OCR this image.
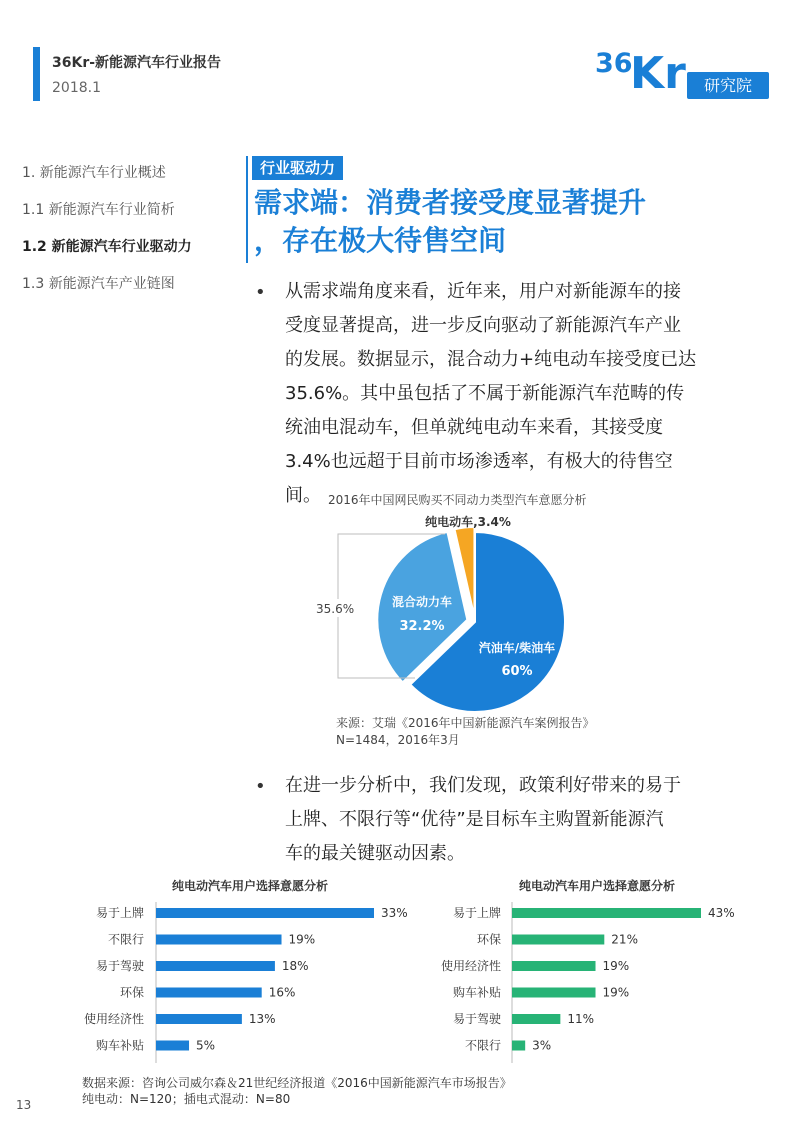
36Kr-新能源汽车行业报告
2018.1
36
Kr	研究院
1. 新能源汽车行业概述
1.1 新能源汽车行业简析
1.2 新能源汽车行业驱动力
1.3 新能源汽车产业链图
行业驱动力
需求端：消费者接受度显著提升
，存在极大待售空间
• 从需求端角度来看，近年来，用户对新能源车的接
受度显著提高，进一步反向驱动了新能源汽车产业
的发展。数据显示，混合动力+纯电动车接受度已达
35.6%。其中虽包括了不属于新能源汽车范畴的传
统油电混动车，但单就纯电动车来看，其接受度
3.4%也远超于目前市场渗透率，有极大的待售空
间。 2016年中国网民购买不同动力类型汽车意愿分析
35.6%
汽油车/柴油车
60%
混合动力车
32.2%
纯电动车,3.4%
来源：艾瑞《2016年中国新能源汽车案例报告》
N=1484，2016年3月
• 在进一步分析中，我们发现，政策利好带来的易于
上牌、不限行等“优待”是目标车主购置新能源汽
车的最关键驱动因素。
纯电动汽车用户选择意愿分析
易于上牌	33%
不限行	19%
易于驾驶	18%
环保	16%
使用经济性	13%
购车补贴	5%
纯电动汽车用户选择意愿分析
易于上牌	43%
环保	21%
使用经济性	19%
购车补贴	19%
易于驾驶	11%
不限行	3%
数据来源：咨询公司威尔森＆21世纪经济报道《2016中国新能源汽车市场报告》
纯电动：N=120；插电式混动：N=80
13
